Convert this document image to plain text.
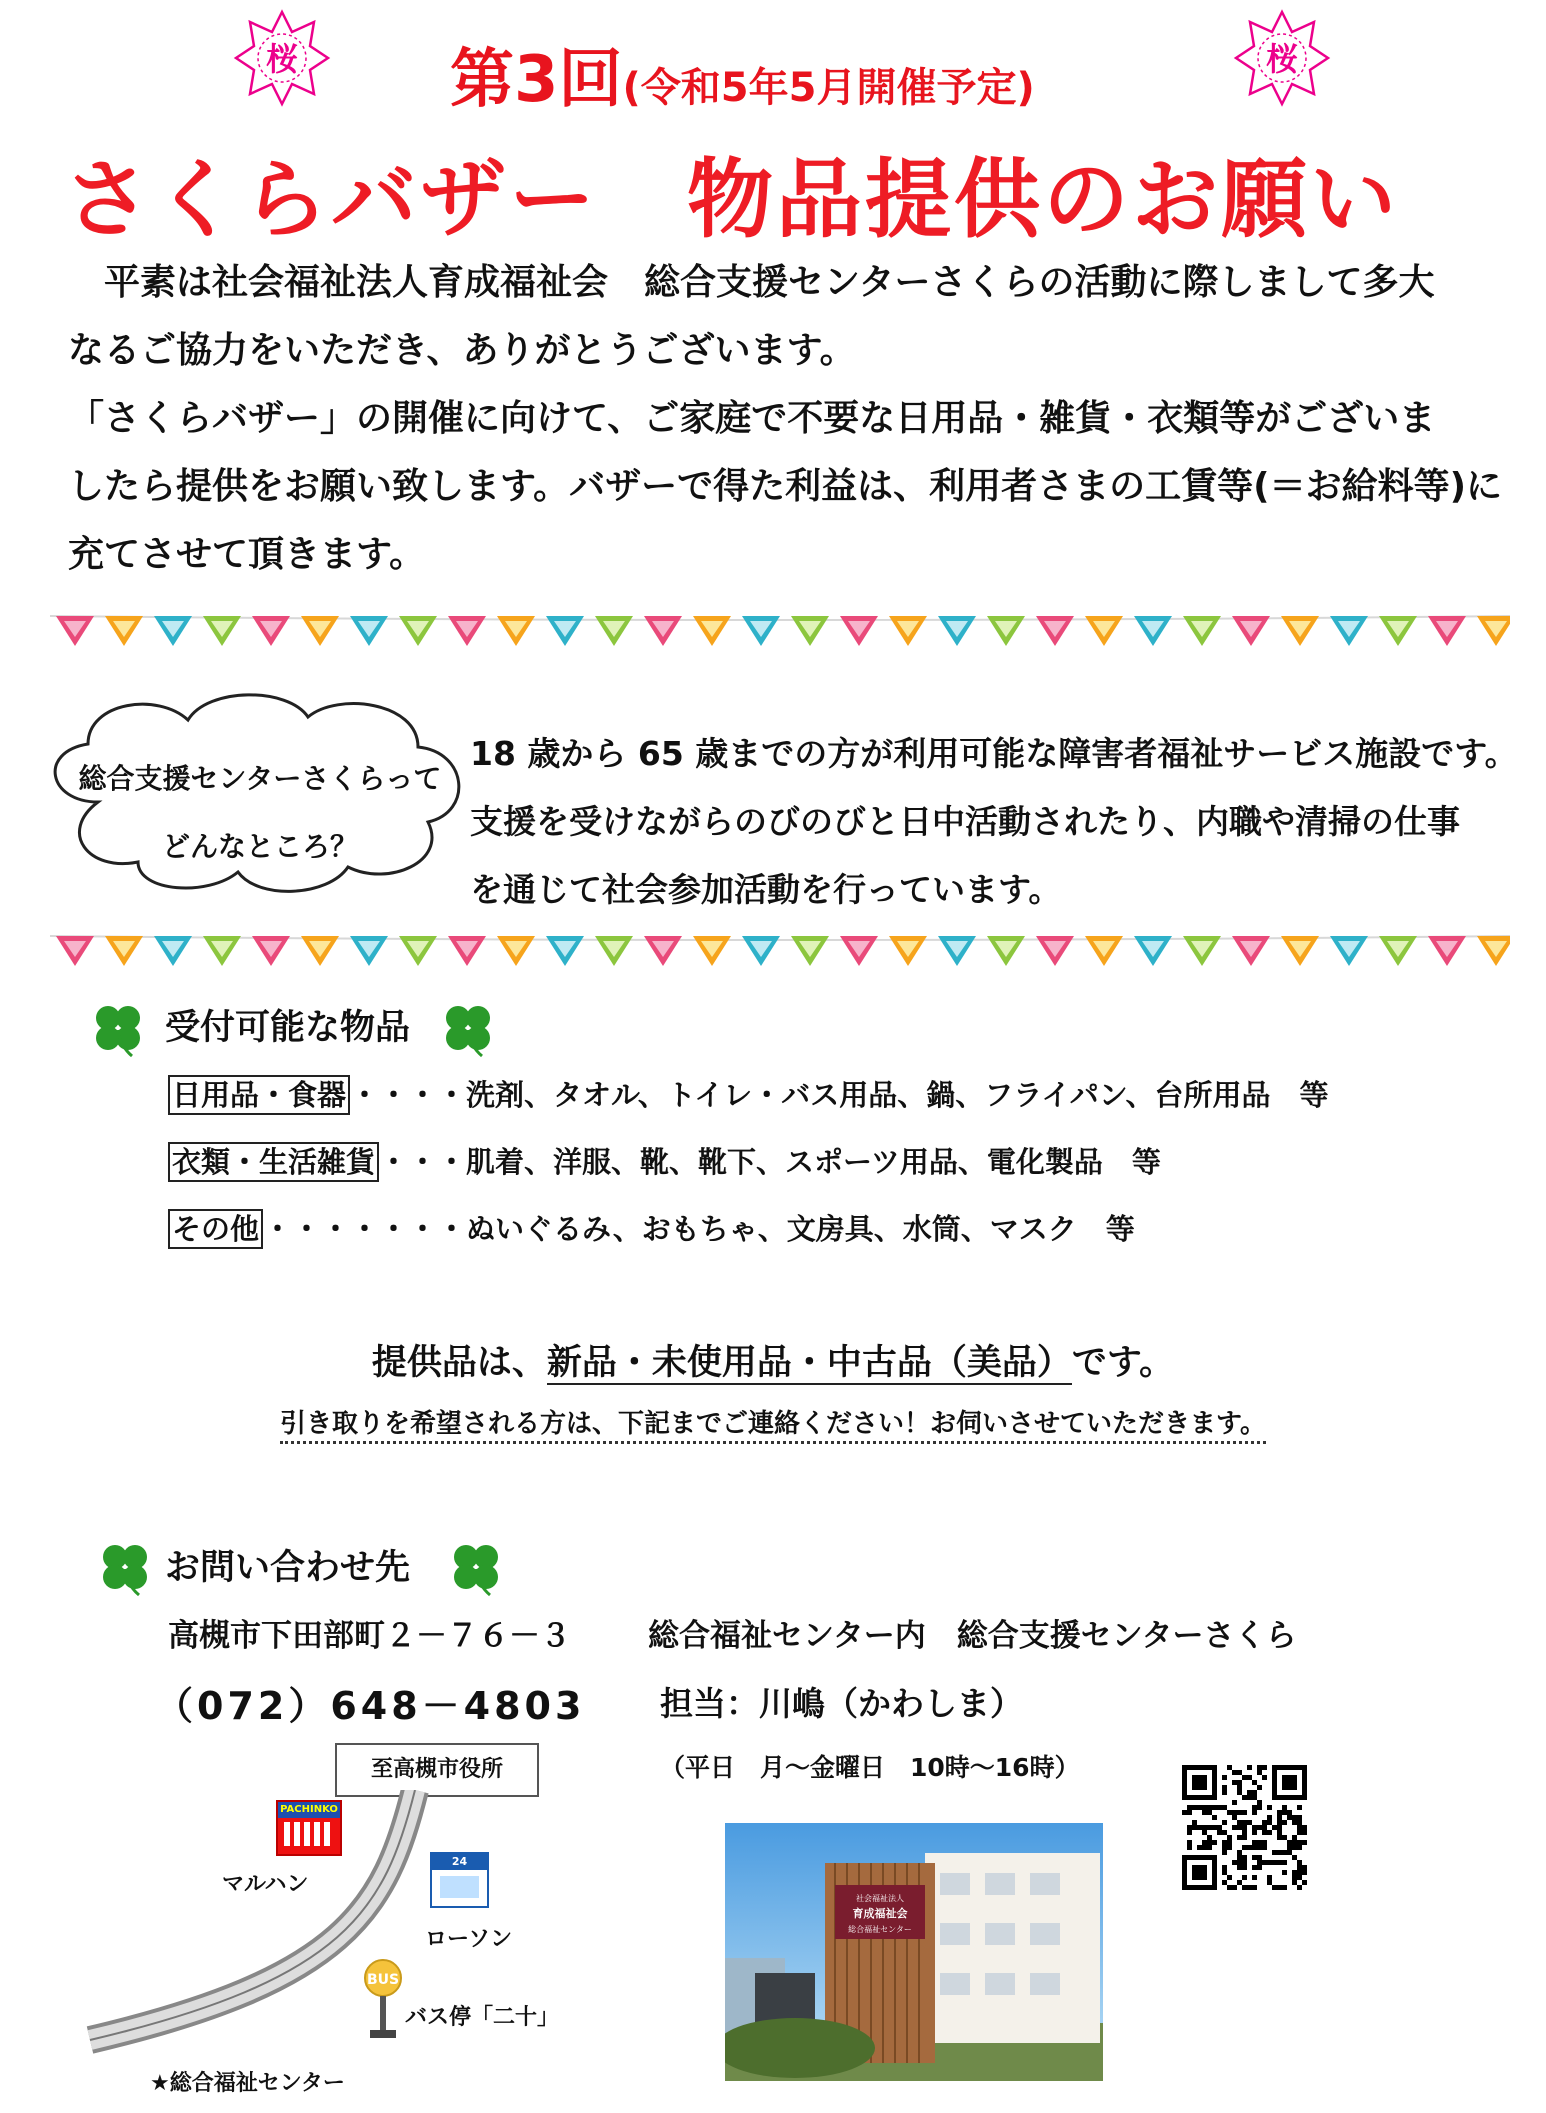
桜	桜
第3回(令和5年5月開催予定)
さくらバザー　物品提供のお願い
　平素は社会福祉法人育成福祉会　総合支援センターさくらの活動に際しまして多大
なるご協力をいただき、ありがとうございます。
「さくらバザー」の開催に向けて、ご家庭で不要な日用品・雑貨・衣類等がございま
したら提供をお願い致します。バザーで得た利益は、利用者さまの工賃等(＝お給料等)に
充てさせて頂きます。
総合支援センターさくらって
どんなところ？
18 歳から 65 歳までの方が利用可能な障害者福祉サービス施設です。
支援を受けながらのびのびと日中活動されたり、内職や清掃の仕事
を通じて社会参加活動を行っています。
受付可能な物品
日用品・食器 ・・・・洗剤、タオル、トイレ・バス用品、鍋、フライパン、台所用品　等
衣類・生活雑貨 ・・・肌着、洋服、靴、靴下、スポーツ用品、電化製品　等
その他 ・・・・・・・ぬいぐるみ、おもちゃ、文房具、水筒、マスク　等
提供品は、新品・未使用品・中古品（美品）です。
引き取りを希望される方は、下記までご連絡ください！お伺いさせていただきます。
お問い合わせ先
高槻市下田部町２－７６－３ 総合福祉センター内　総合支援センターさくら
（072）648－4803 担当：川嶋（かわしま）
（平日　月～金曜日　10時～16時）
至高槻市役所
PACHINKO
マルハン
24
ローソン
BUS
バス停「二十」
★総合福祉センター
社会福祉法人
育成福祉会
総合福祉センター
